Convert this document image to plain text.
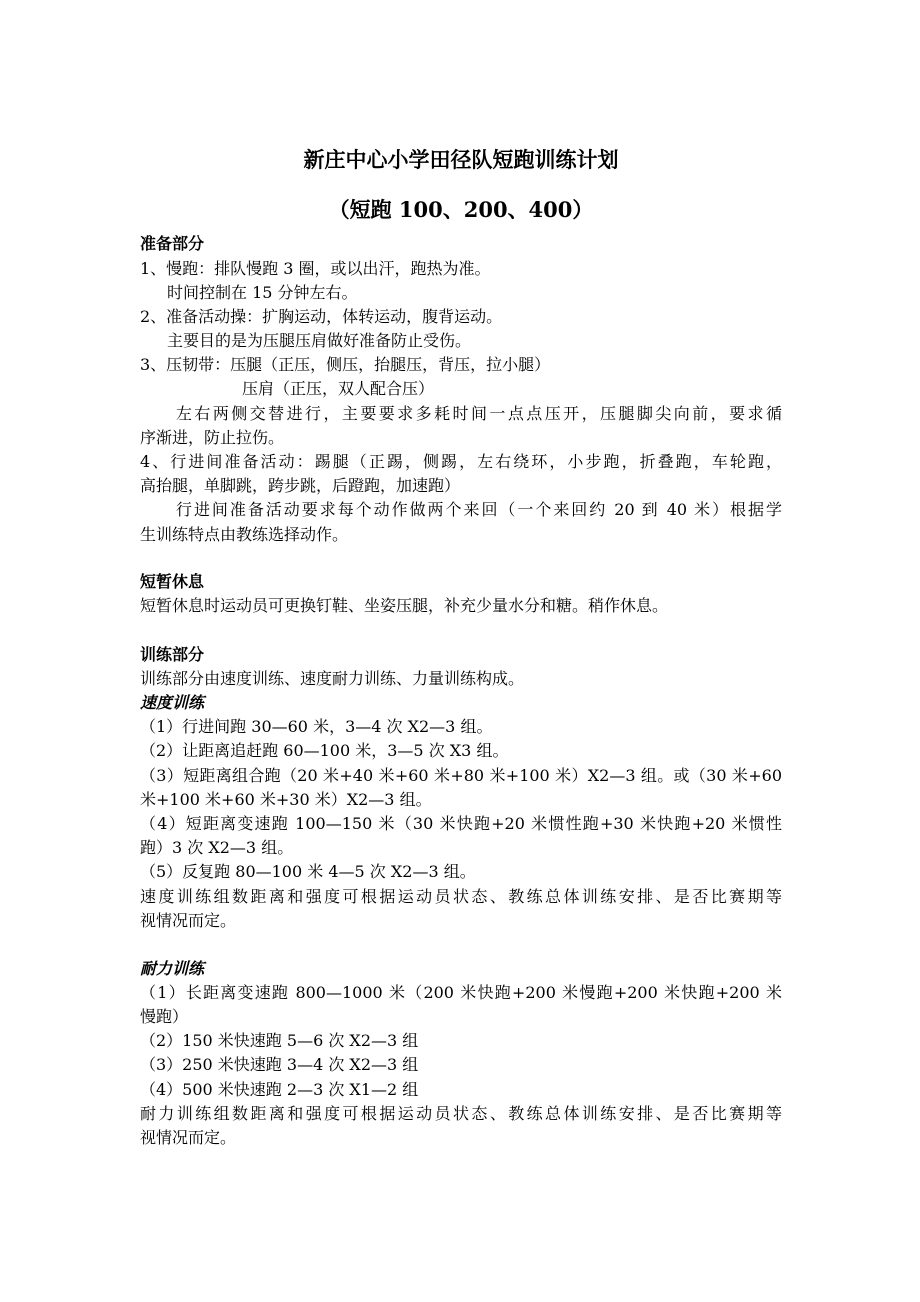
新庄中心小学田径队短跑训练计划
（短跑 100、200、400）
准备部分
1、慢跑：排队慢跑 3 圈，或以出汗，跑热为准。
时间控制在 15 分钟左右。
2、准备活动操：扩胸运动，体转运动，腹背运动。
主要目的是为压腿压肩做好准备防止受伤。
3、压韧带：压腿（正压，侧压，抬腿压，背压，拉小腿）
压肩（正压，双人配合压）
左右两侧交替进行，主要要求多耗时间一点点压开，压腿脚尖向前，要求循
序渐进，防止拉伤。
4、行进间准备活动：踢腿（正踢，侧踢，左右绕环，小步跑，折叠跑，车轮跑，
高抬腿，单脚跳，跨步跳，后蹬跑，加速跑）
行进间准备活动要求每个动作做两个来回（一个来回约 20 到 40 米）根据学
生训练特点由教练选择动作。
短暂休息
短暂休息时运动员可更换钉鞋、坐姿压腿，补充少量水分和糖。稍作休息。
训练部分
训练部分由速度训练、速度耐力训练、力量训练构成。
速度训练
（1）行进间跑 30—60 米，3—4 次 X2—3 组。
（2）让距离追赶跑 60—100 米，3—5 次 X3 组。
（3）短距离组合跑（20 米+40 米+60 米+80 米+100 米）X2—3 组。或（30 米+60
米+100 米+60 米+30 米）X2—3 组。
（4）短距离变速跑 100—150 米（30 米快跑+20 米惯性跑+30 米快跑+20 米惯性
跑）3 次 X2—3 组。
（5）反复跑 80—100 米 4—5 次 X2—3 组。
速度训练组数距离和强度可根据运动员状态、教练总体训练安排、是否比赛期等
视情况而定。
耐力训练
（1）长距离变速跑 800—1000 米（200 米快跑+200 米慢跑+200 米快跑+200 米
慢跑）
（2）150 米快速跑 5—6 次 X2—3 组
（3）250 米快速跑 3—4 次 X2—3 组
（4）500 米快速跑 2—3 次 X1—2 组
耐力训练组数距离和强度可根据运动员状态、教练总体训练安排、是否比赛期等
视情况而定。
